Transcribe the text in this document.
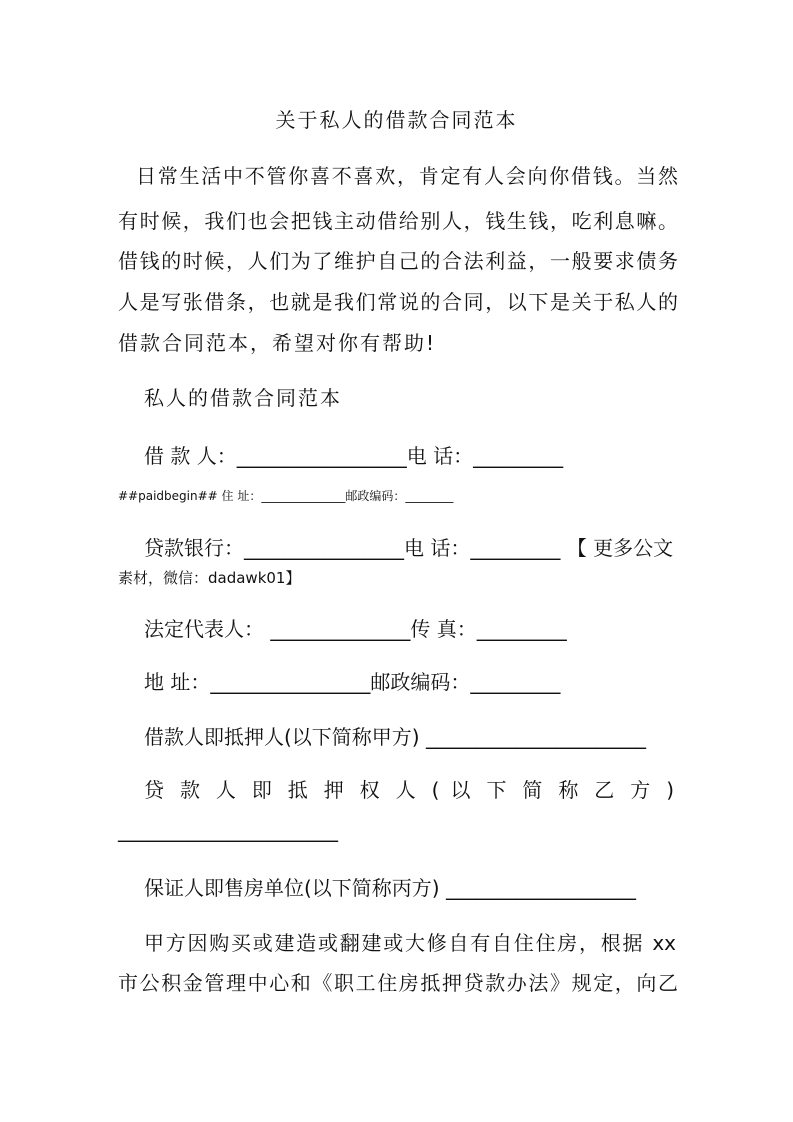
关于私人的借款合同范本
日常生活中不管你喜不喜欢，肯定有人会向你借钱。当然
有时候，我们也会把钱主动借给别人，钱生钱，吃利息嘛。
借钱的时候，人们为了维护自己的合法利益，一般要求债务
人是写张借条，也就是我们常说的合同，以下是关于私人的
借款合同范本，希望对你有帮助!
私人的借款合同范本
借 款 人：_________________电 话：_________
##paidbegin## 住 址：______________邮政编码：________
贷款银行：________________电 话：_________ 【 更多公文
素材，微信：dadawk01】
法定代表人： ______________传 真：_________
地 址：________________邮政编码：_________
借款人即抵押人(以下简称甲方) ______________________
贷 款 人 即 抵 押 权 人 ( 以 下 简 称 乙 方 )
______________________
保证人即售房单位(以下简称丙方) ___________________
甲方因购买或建造或翻建或大修自有自住住房，根据 xx
市公积金管理中心和《职工住房抵押贷款办法》规定，向乙
